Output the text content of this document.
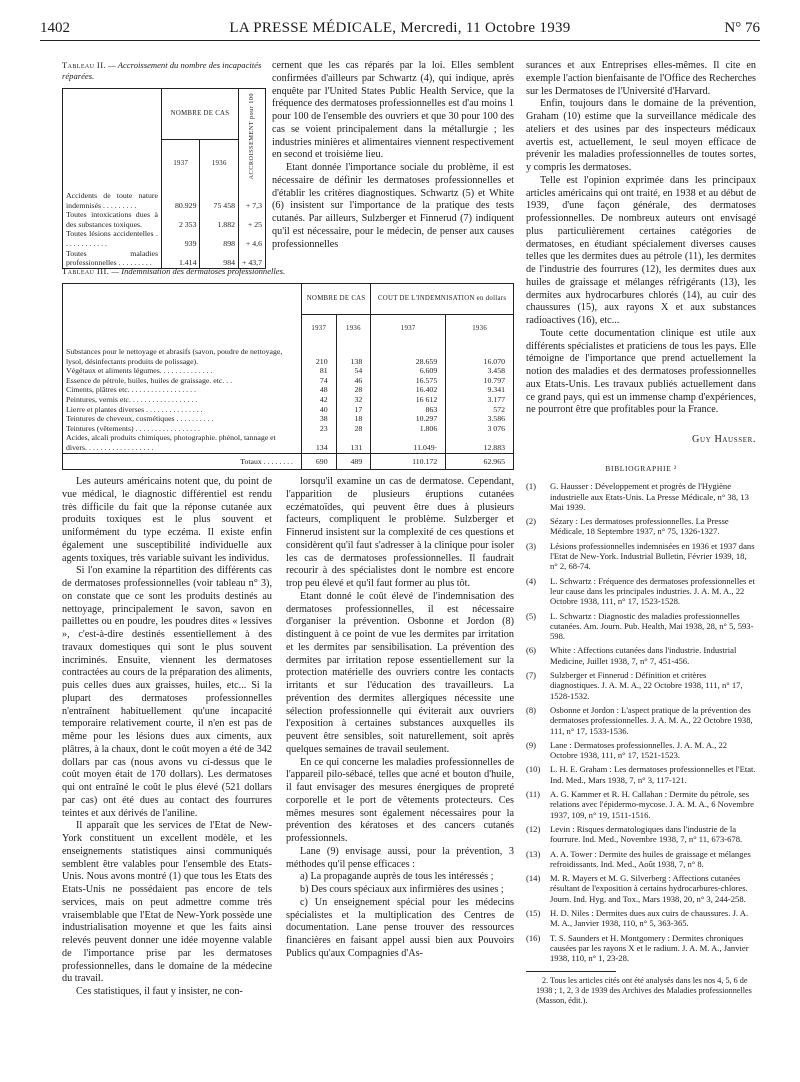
1402	LA PRESSE MÉDICALE, Mercredi, 11 Octobre 1939	N° 76
Tableau II. — Accroissement du nombre des incapacités réparées.
	NOMBRE DE CAS		ACCROISSEMENT pour 100
	1937	1936	
Accidents de toute nature indemnisés . . . . . . . . .	80.929	75 458	+ 7,3
Toutes intoxications dues à des substances toxiques.	2 353	1.882	+ 25
Toutes lésions accidentelles . . . . . . . . . . . .	939	898	+ 4,6
Toutes maladies professionnelles . . . . . . . . .	1.414	984	+ 43,7
Tableau III. — Indemnisation des dermatoses professionnelles.
	NOMBRE DE CAS		COUT DE L'INDEMNISATION en dollars	
	1937	1936	1937	1936
Substances pour le nettoyage et abrasifs (savon, poudre de nettoyage, lysol, désinfectants produits de polissage).	210	138	28.659	16.070
Végétaux et aliments légumes. . . . . . . . . . . . . .	81	54	6.609	3.458
Essence de pétrole, huiles, huiles de graissage. etc. . .	74	46	16.575	10.797
Ciments, plâtres etc. . . . . . . . . . . . . . . . . .	48	28	16.402	9.341
Peintures, vernis etc. . . . . . . . . . . . . . . . . .	42	32	16 612	3.177
Lierre et plantes diverses . . . . . . . . . . . . . . .	40	17	863	572
Teintures de cheveux, cosmétiques . . . . . . . . . .	38	18	10.297	3.586
Teintures (vêtements) . . . . . . . . . . . . . . . . .	23	28	1.806	3 076
Acides, alcali produits chimiques, photographie. phénol, tannage et divers. . . . . . . . . . . . . . . . . .	134	131	11.049·	12.883
Totaux . . . . . . . .	690	489	110.172	62.965

cernent que les cas réparés par la loi. Elles semblent confirmées d'ailleurs par Schwartz (4), qui indique, après enquête par l'United States Public Health Service, que la fréquence des dermatoses professionnelles est d'au moins 1 pour 100 de l'ensemble des ouvriers et que 30 pour 100 des cas se voient principalement dans la métallurgie ; les industries minières et alimentaires viennent respectivement en second et troisième lieu.

Etant donnée l'importance sociale du problème, il est nécessaire de définir les dermatoses professionnelles et d'établir les critères diagnostiques. Schwartz (5) et White (6) insistent sur l'importance de la pratique des tests cutanés. Par ailleurs, Sulzberger et Finnerud (7) indiquent qu'il est nécessaire, pour le médecin, de penser aux causes professionnelles

surances et aux Entreprises elles-mêmes. Il cite en exemple l'action bienfaisante de l'Office des Recherches sur les Dermatoses de l'Université d'Harvard.

Enfin, toujours dans le domaine de la prévention, Graham (10) estime que la surveillance médicale des ateliers et des usines par des inspecteurs médicaux avertis est, actuellement, le seul moyen efficace de prévenir les maladies professionnelles de toutes sortes, y compris les dermatoses.

Telle est l'opinion exprimée dans les principaux articles américains qui ont traité, en 1938 et au début de 1939, d'une façon générale, des dermatoses professionnelles. De nombreux auteurs ont envisagé plus particulièrement certaines catégories de dermatoses, en étudiant spécialement diverses causes telles que les dermites dues au pétrole (11), les dermites de l'industrie des fourrures (12), les dermites dues aux huiles de graissage et mélanges réfrigérants (13), les dermites aux hydrocarbures chlorés (14), au cuir des chaussures (15), aux rayons X et aux substances radioactives (16), etc...

Toute cette documentation clinique est utile aux différents spécialistes et praticiens de tous les pays. Elle témoigne de l'importance que prend actuellement la notion des maladies et des dermatoses professionnelles aux Etats-Unis. Les travaux publiés actuellement dans ce grand pays, qui est un immense champ d'expériences, ne pourront être que profitables pour la France.

Guy Hausser.
BIBLIOGRAPHIE ²
(1) G. Hausser : Développement et progrès de l'Hygiène industrielle aux Etats-Unis. La Presse Médicale, n° 38, 13 Mai 1939.
(2) Sézary : Les dermatoses professionnelles. La Presse Médicale, 18 Septembre 1937, n° 75, 1326-1327.
(3) Lésions professionnelles indemnisées en 1936 et 1937 dans l'Etat de New-York. Industrial Bulletin, Février 1939, 18, n° 2, 68-74.
(4) L. Schwartz : Fréquence des dermatoses professionnelles et leur cause dans les principales industries. J. A. M. A., 22 Octobre 1938, 111, n° 17, 1523-1528.
(5) L. Schwartz : Diagnostic des maladies professionnelles cutanées. Am. Journ. Pub. Health, Mai 1938, 28, n° 5, 593-598.
(6) White : Affections cutanées dans l'industrie. Industrial Medicine, Juillet 1938, 7, n° 7, 451-456.
(7) Sulzberger et Finnerud : Définition et critères diagnostiques. J. A. M. A., 22 Octobre 1938, 111, n° 17, 1528-1532.
(8) Osbonne et Jordon : L'aspect pratique de la prévention des dermatoses professionnelles. J. A. M. A., 22 Octobre 1938, 111, n° 17, 1533-1536.
(9) Lane : Dermatoses professionnelles. J. A. M. A., 22 Octobre 1938, 111, n° 17, 1521-1523.
(10) L. H. E. Graham : Les dermatoses professionnelles et l'Etat. Ind. Med., Mars 1938, 7, n° 3, 117-121.
(11) A. G. Kammer et R. H. Callahan : Dermite du pétrole, ses relations avec l'épidermo-mycose. J. A. M. A., 6 Novembre 1937, 109, n° 19, 1511-1516.
(12) Levin : Risques dermatologiques dans l'industrie de la fourrure. Ind. Med., Novembre 1938, 7, n° 11, 673-678.
(13) A. A. Tower : Dermite des huiles de graissage et mélanges refroidissants. Ind. Med., Août 1938, 7, n° 8.
(14) M. R. Mayers et M. G. Silverberg : Affections cutanées résultant de l'exposition à certains hydrocarbures-chlores. Journ. Ind. Hyg. and Tox., Mars 1938, 20, n° 3, 244-258.
(15) H. D. Niles : Dermites dues aux cuirs de chaussures. J. A. M. A., Janvier 1938, 110, n° 5, 363-365.
(16) T. S. Saunders et H. Montgomery : Dermites chroniques causées par les rayons X et le radium. J. A. M. A., Janvier 1938, 110, n° 1, 23-28.
2. Tous les articles cités ont été analysés dans les nos 4, 5, 6 de 1938 ; 1, 2, 3 de 1939 des Archives des Maladies professionnelles (Masson, édit.).

Les auteurs américains notent que, du point de vue médical, le diagnostic différentiel est rendu très difficile du fait que la réponse cutanée aux produits toxiques est le plus souvent et uniformément du type eczéma. Il existe enfin également une susceptibilité individuelle aux agents toxiques, très variable suivant les individus.

Si l'on examine la répartition des différents cas de dermatoses professionnelles (voir tableau n° 3), on constate que ce sont les produits destinés au nettoyage, principalement le savon, savon en paillettes ou en poudre, les poudres dites « lessives », c'est-à-dire destinés essentiellement à des travaux domestiques qui sont le plus souvent incriminés. Ensuite, viennent les dermatoses contractées au cours de la préparation des aliments, puis celles dues aux graisses, huiles, etc... Si la plupart des dermatoses professionnelles n'entraînent habituellement qu'une incapacité temporaire relativement courte, il n'en est pas de même pour les lésions dues aux ciments, aux plâtres, à la chaux, dont le coût moyen a été de 342 dollars par cas (nous avons vu ci-dessus que le coût moyen était de 170 dollars). Les dermatoses qui ont entraîné le coût le plus élevé (521 dollars par cas) ont été dues au contact des fourrures teintes et aux dérivés de l'aniline.

Il apparaît que les services de l'Etat de New-York constituent un excellent modèle, et les enseignements statistiques ainsi communiqués semblent être valables pour l'ensemble des Etats-Unis. Nous avons montré (1) que tous les Etats des Etats-Unis ne possédaient pas encore de tels services, mais on peut admettre comme très vraisemblable que l'Etat de New-York possède une industrialisation moyenne et que les faits ainsi relevés peuvent donner une idée moyenne valable de l'importance prise par les dermatoses professionnelles, dans le domaine de la médecine du travail.

Ces statistiques, il faut y insister, ne con-

lorsqu'il examine un cas de dermatose. Cependant, l'apparition de plusieurs éruptions cutanées eczématoïdes, qui peuvent être dues à plusieurs facteurs, compliquent le problème. Sulzberger et Finnerud insistent sur la complexité de ces questions et considèrent qu'il faut s'adresser à la clinique pour isoler les cas de dermatoses professionnelles. Il faudrait recourir à des spécialistes dont le nombre est encore trop peu élevé et qu'il faut former au plus tôt.

Etant donné le coût élevé de l'indemnisation des dermatoses professionnelles, il est nécessaire d'organiser la prévention. Osbonne et Jordon (8) distinguent à ce point de vue les dermites par irritation et les dermites par sensibilisation. La prévention des dermites par irritation repose essentiellement sur la protection matérielle des ouvriers contre les contacts irritants et sur l'éducation des travailleurs. La prévention des dermites allergiques nécessite une sélection professionnelle qui éviterait aux ouvriers l'exposition à certaines substances auxquelles ils peuvent être sensibles, soit naturellement, soit après quelques semaines de travail seulement.

En ce qui concerne les maladies professionnelles de l'appareil pilo-sébacé, telles que acné et bouton d'huile, il faut envisager des mesures énergiques de propreté corporelle et le port de vêtements protecteurs. Ces mêmes mesures sont également nécessaires pour la prévention des kératoses et des cancers cutanés professionnels.

Lane (9) envisage aussi, pour la prévention, 3 méthodes qu'il pense efficaces :

a) La propagande auprès de tous les intéressés ;

b) Des cours spéciaux aux infirmières des usines ;

c) Un enseignement spécial pour les médecins spécialistes et la multiplication des Centres de documentation. Lane pense trouver des ressources financières en faisant appel aussi bien aux Pouvoirs Publics qu'aux Compagnies d'As-
